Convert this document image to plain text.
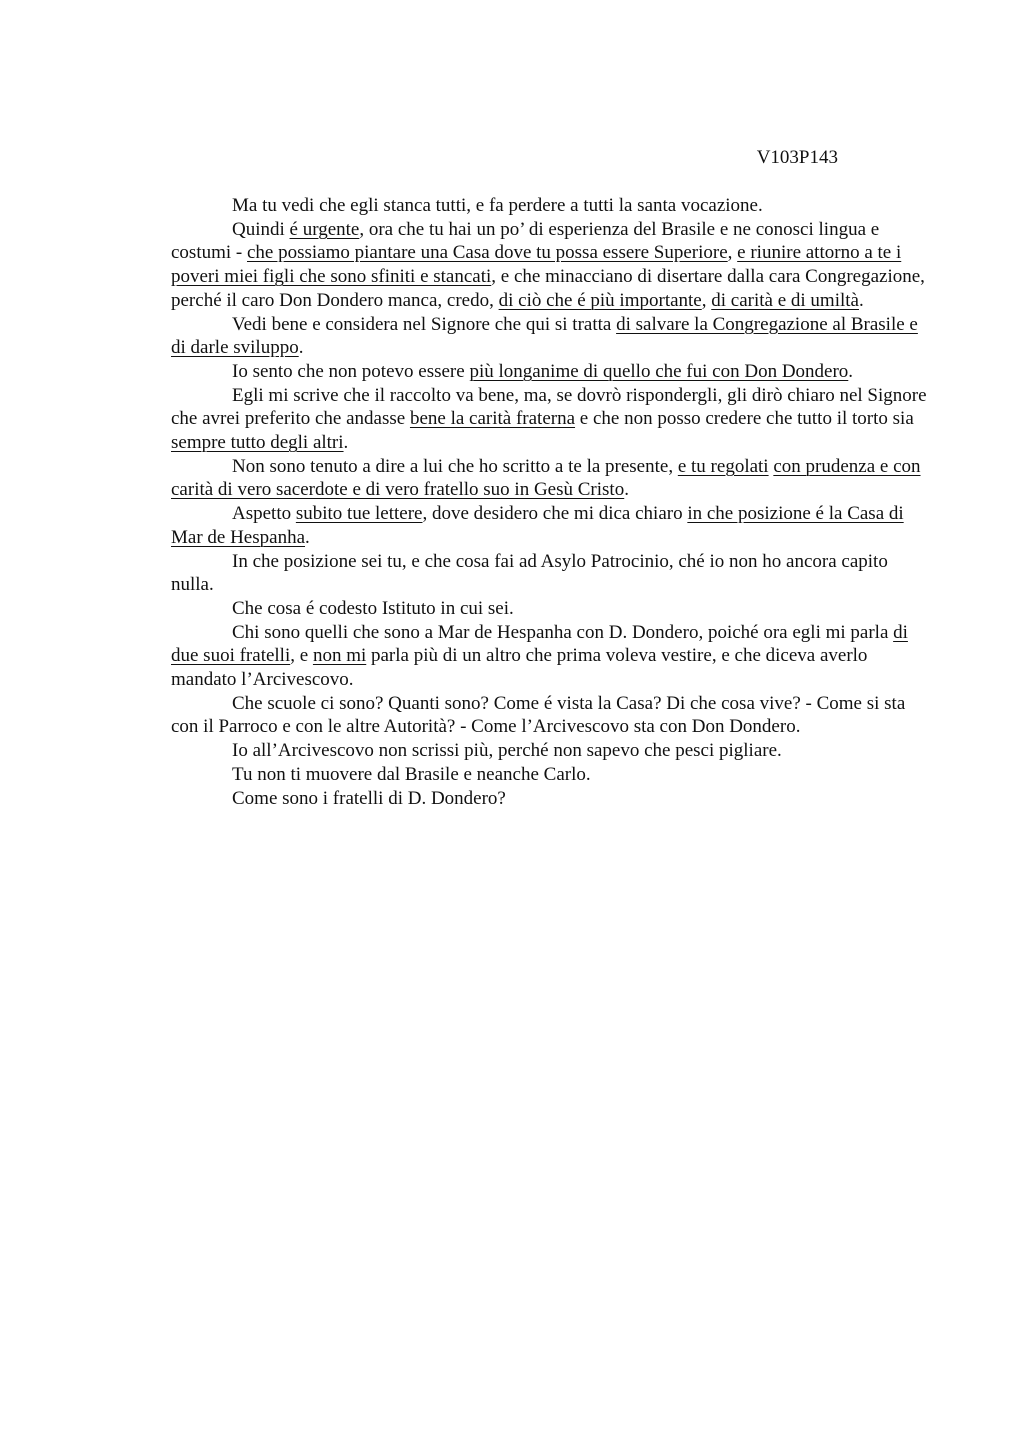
V103P143

Ma tu vedi che egli stanca tutti, e fa perdere a tutti la santa vocazione.

Quindi é urgente, ora che tu hai un po’ di esperienza del Brasile e ne conosci lingua e costumi - che possiamo piantare una Casa dove tu possa essere Superiore, e riunire attorno a te i poveri miei figli che sono sfiniti e stancati, e che minacciano di disertare dalla cara Congregazione, perché il caro Don Dondero manca, credo, di ciò che é più importante, di carità e di umiltà.

Vedi bene e considera nel Signore che qui si tratta di salvare la Congregazione al Brasile e di darle sviluppo.

Io sento che non potevo essere più longanime di quello che fui con Don Dondero.

Egli mi scrive che il raccolto va bene, ma, se dovrò rispondergli, gli dirò chiaro nel Signore che avrei preferito che andasse bene la carità fraterna e che non posso credere che tutto il torto sia sempre tutto degli altri.

Non sono tenuto a dire a lui che ho scritto a te la presente, e tu regolati con prudenza e con carità di vero sacerdote e di vero fratello suo in Gesù Cristo.

Aspetto subito tue lettere, dove desidero che mi dica chiaro in che posizione é la Casa di Mar de Hespanha.

In che posizione sei tu, e che cosa fai ad Asylo Patrocinio, ché io non ho ancora capito nulla.

Che cosa é codesto Istituto in cui sei.

Chi sono quelli che sono a Mar de Hespanha con D. Dondero, poiché ora egli mi parla di due suoi fratelli, e non mi parla più di un altro che prima voleva vestire, e che diceva averlo mandato l’Arcivescovo.

Che scuole ci sono? Quanti sono? Come é vista la Casa? Di che cosa vive? - Come si sta con il Parroco e con le altre Autorità? - Come l’Arcivescovo sta con Don Dondero.

Io all’Arcivescovo non scrissi più, perché non sapevo che pesci pigliare.

Tu non ti muovere dal Brasile e neanche Carlo.

Come sono i fratelli di D. Dondero?
